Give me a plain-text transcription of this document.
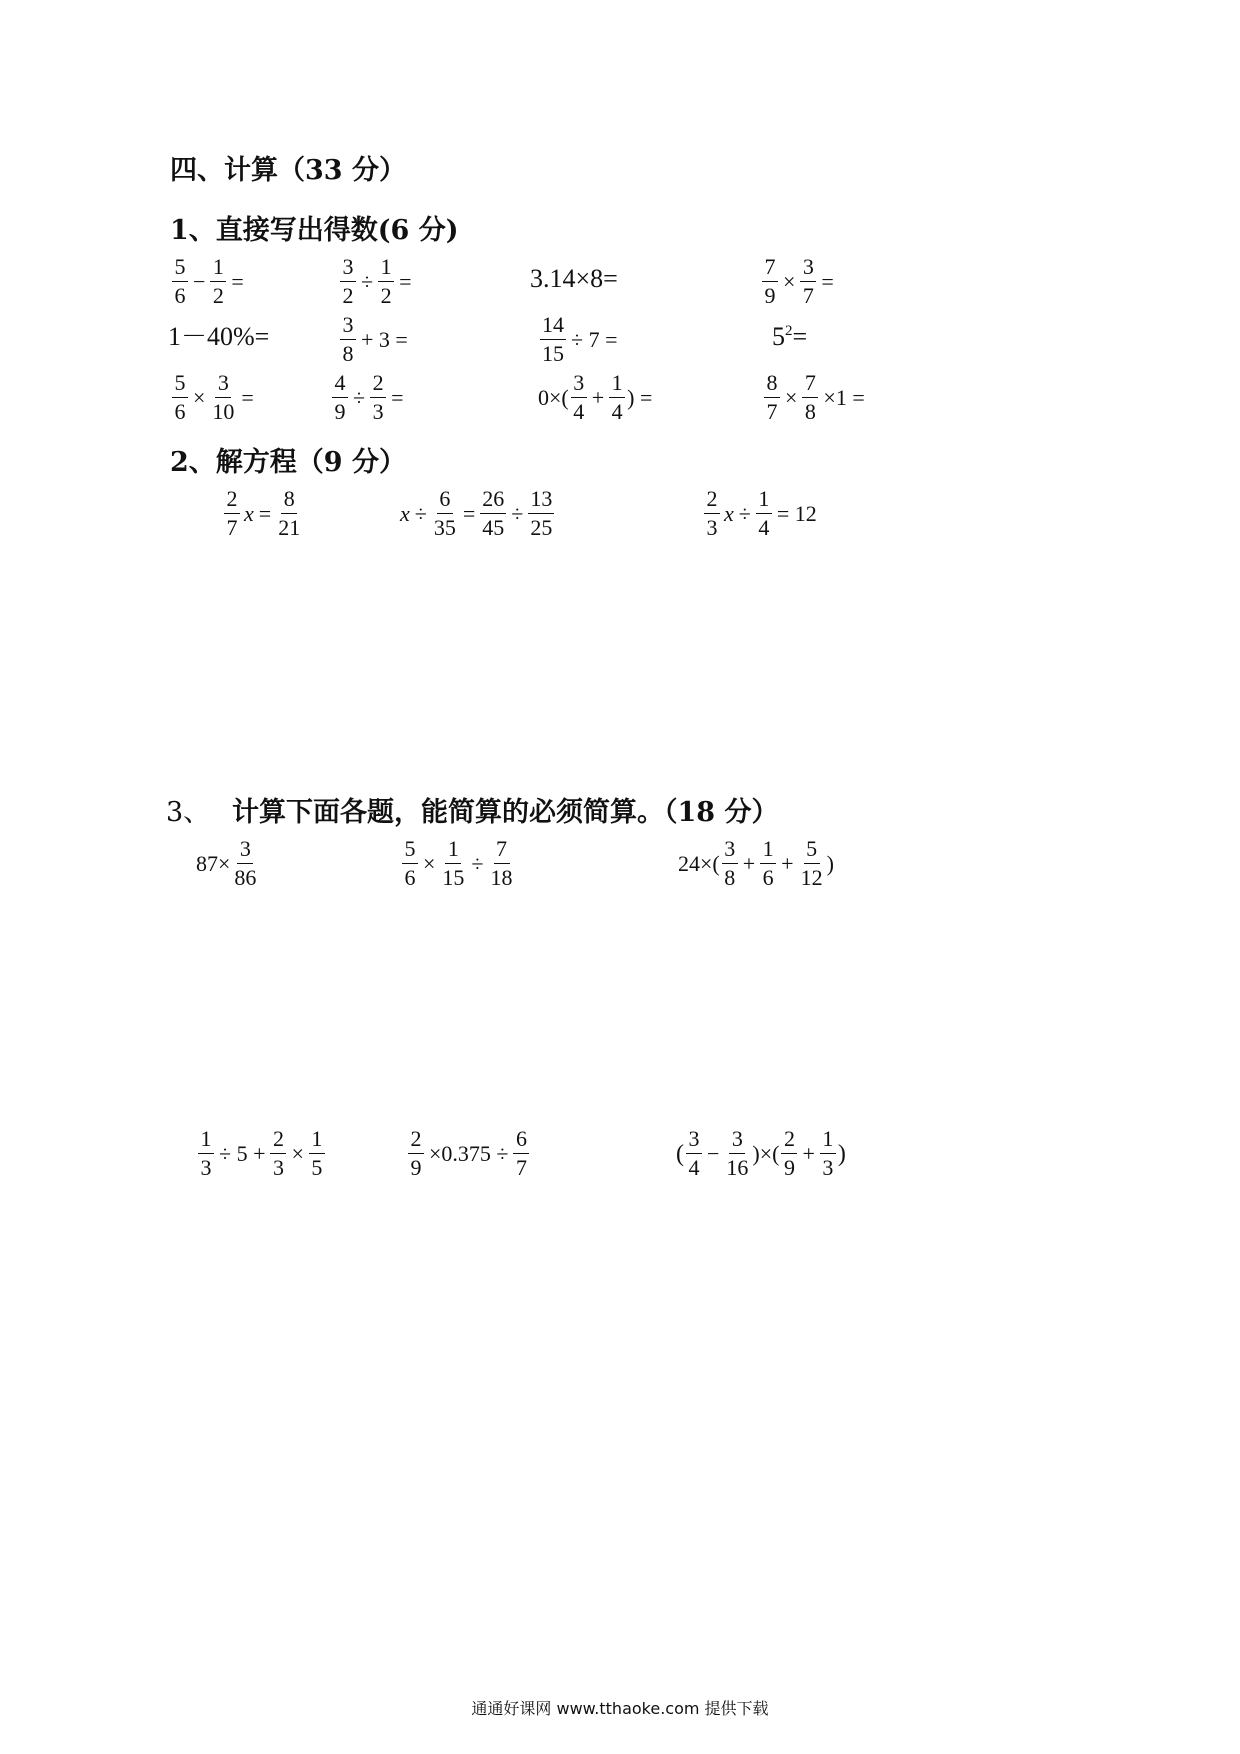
四、计算（33 分）
1、直接写出得数(6 分)
$\frac{5}{6} - \frac{1}{2}$ =	$\frac{3}{2} \div \frac{1}{2}$ =	3.14×8=	$\frac{7}{9} \times \frac{3}{7}$ =
1－40%=	$\frac{3}{8} + 3$ =	$\frac{14}{15} \div 7$ =	$5^2=$
$\frac{5}{6} \times \frac{3}{10}$ =	$\frac{4}{9} \div \frac{2}{3}$ =	$0\times( \frac{3}{4} + \frac{1}{4}$ ) =	$\frac{8}{7} \times \frac{7}{8} \times 1$ =
2、解方程（9 分）
$\frac{2}{7}$ $x = \frac{8}{21}$	$x \div \frac{6}{35} = \frac{26}{45} \div \frac{13}{25}$	$\frac{2}{3}$ $x \div \frac{1}{4} = 12$
3、 计算下面各题，能简算的必须简算。（18 分）
$87\times \frac{3}{86}$	$\frac{5}{6} \times \frac{1}{15} \div \frac{7}{18}$	$24\times( \frac{3}{8} + \frac{1}{6} + \frac{5}{12}$ )
$\frac{1}{3} \div 5 + \frac{2}{3} \times \frac{1}{5}$	$\frac{2}{9} \times 0.375 \div \frac{6}{7}$	( $\frac{3}{4} - \frac{3}{16}$ )×( $\frac{2}{9} + \frac{1}{3}$ )
通通好课网 www.tthaoke.com 提供下载
